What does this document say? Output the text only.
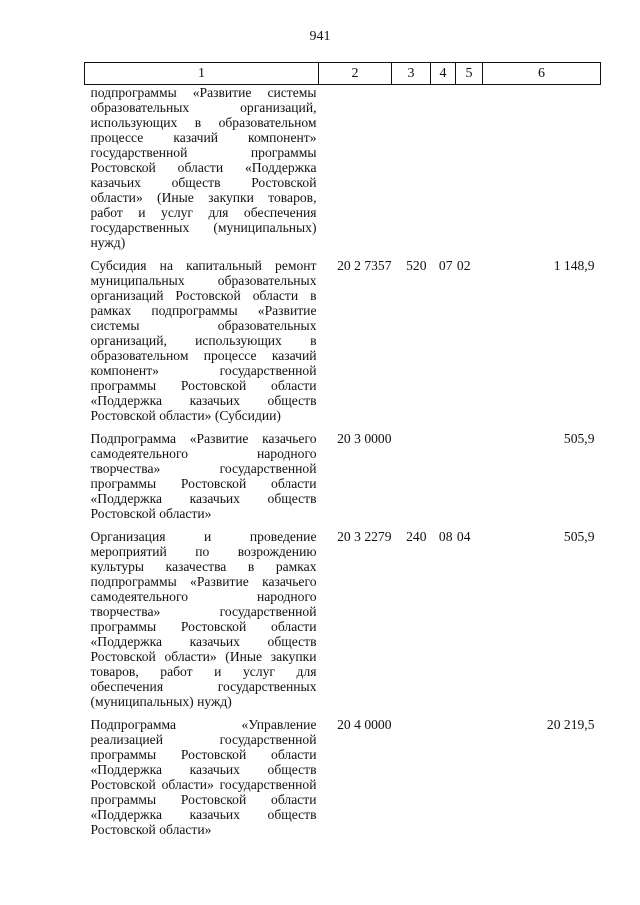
941
1	2	3	4	5	6
подпрограммы «Развитие системы образовательных организаций, использующих в образовательном процессе казачий компонент» государственной программы Ростовской области «Поддержка казачьих обществ Ростовской области» (Иные закупки товаров, работ и услуг для обеспечения государственных (муниципальных) нужд)					
Субсидия на капитальный ремонт муниципальных образовательных организаций Ростовской области в рамках подпрограммы «Развитие системы образовательных организаций, использующих в образовательном процессе казачий компонент» государственной программы Ростовской области «Поддержка казачьих обществ Ростовской области» (Субсидии)	20 2 7357	520	07	02	1 148,9
Подпрограмма «Развитие казачьего самодеятельного народного творчества» государственной программы Ростовской области «Поддержка казачьих обществ Ростовской области»	20 3 0000				505,9
Организация и проведение мероприятий по возрождению культуры казачества в рамках подпрограммы «Развитие казачьего самодеятельного народного творчества» государственной программы Ростовской области «Поддержка казачьих обществ Ростовской области» (Иные закупки товаров, работ и услуг для обеспечения государственных (муниципальных) нужд)	20 3 2279	240	08	04	505,9
Подпрограмма «Управление реализацией государственной программы Ростовской области «Поддержка казачьих обществ Ростовской области» государственной программы Ростовской области «Поддержка казачьих обществ Ростовской области»	20 4 0000				20 219,5
